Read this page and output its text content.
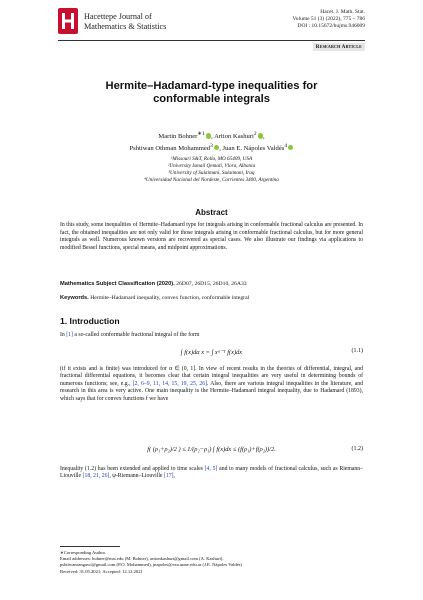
Hacettepe Journal of
Mathematics & Statistics
Hacet. J. Math. Stat.
Volume 51 (3) (2022), 775 – 786
DOI : 10.15672/hujms.946009
Research Article
Hermite–Hadamard-type inequalities for
conformable integrals
Martin Bohner$^{∗1}$ , Artion Kashuri$^2$ ,
Pshtiwan Othman Mohammed$^3$ , Juan E. Nápoles Valdés$^4$
¹Missouri S&T, Rolla, MO 65409, USA
²University Ismail Qemali, Vlora, Albania
³University of Sulaimani, Sulaimani, Iraq
⁴Universidad Nacional del Nordeste, Corrientes 3400, Argentina
Abstract
In this study, some inequalities of Hermite–Hadamard type for integrals arising in conformable fractional calculus are presented. In fact, the obtained inequalities are not only valid for those integrals arising in conformable fractional calculus, but for more general integrals as well. Numerous known versions are recovered as special cases. We also illustrate our findings via applications to modified Bessel functions, special means, and midpoint approximations.
Mathematics Subject Classification (2020). 26D07, 26D15, 26D10, 26A33
Keywords. Hermite–Hadamard inequality, convex function, conformable integral
1. Introduction
In [1] a so-called conformable fractional integral of the form
∫ f(x)dα x = ∫ xᵅ⁻¹ f(x)dx	(1.1)
(if it exists and is finite) was introduced for α ∈ (0, 1]. In view of recent results in the theories of differential, integral, and fractional differential equations, it becomes clear that certain integral inequalities are very useful in determining bounds of numerous functions; see, e.g., [2, 6–9, 11, 14, 15, 19, 25, 26]. Also, there are various integral inequalities in the literature, and research in this area is very active. One main inequality is the Hermite–Hadamard integral inequality, due to Hadamard (1893), which says that for convex functions f we have
f( (ρ₁+ρ₂)/2 ) ≤ 1/(ρ₂−ρ₁) ∫ f(x)dx ≤ (f(ρ₁)+f(ρ₂))/2.	(1.2)
Inequality (1.2) has been extended and applied to time scales [4, 5] and to many models of fractional calculus, such as Riemann–Liouville [18, 21, 26], ψ-Riemann–Liouville [17],
∗Corresponding Author.
Email addresses: bohner@mst.edu (M. Bohner), artionkashuri@gmail.com (A. Kashuri),
pshtiwansangawi@gmail.com (P.O. Mohammed), jnapoles@exa.unne.edu.ar (J.E. Nápoles Valdés)
Received: 31.05.2021; Accepted: 12.12.2021
